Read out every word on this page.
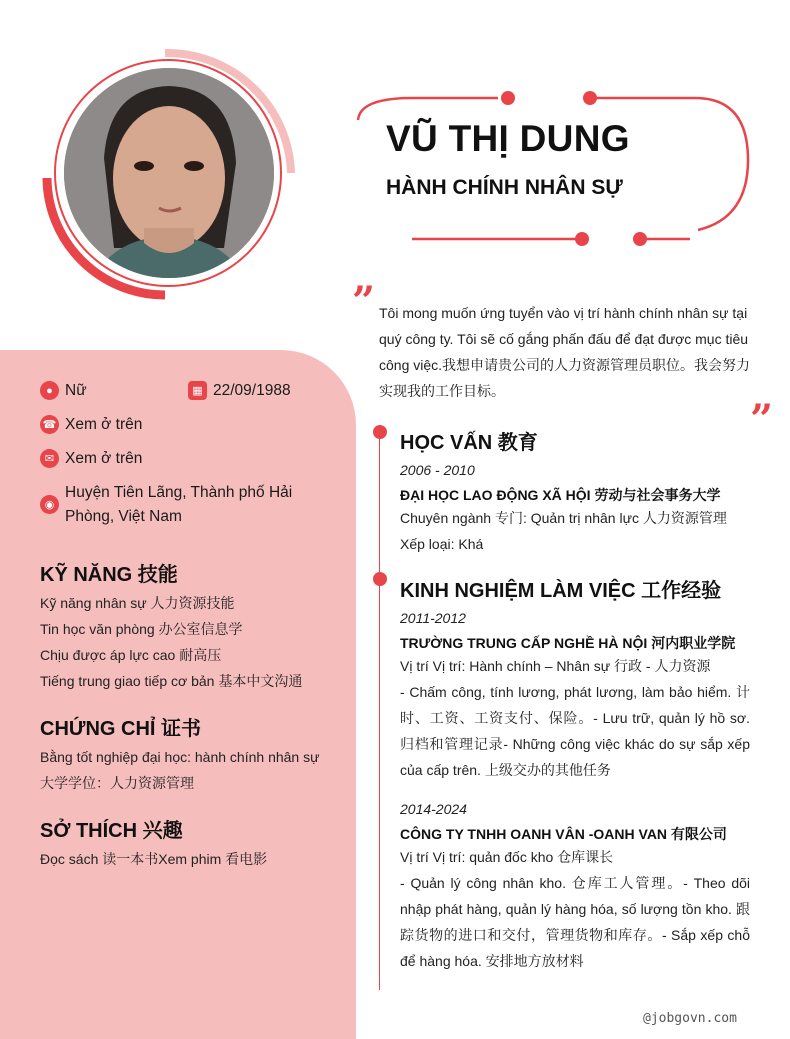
VŨ THỊ DUNG
HÀNH CHÍNH NHÂN SỰ
” Tôi mong muốn ứng tuyển vào vị trí hành chính nhân sự tại quý công ty. Tôi sẽ cố gắng phấn đấu để đạt được mục tiêu công việc.我想申请贵公司的人力资源管理员职位。我会努力实现我的工作目标。
”
● Nữ	▦ 22/09/1988
☎ Xem ở trên
✉ Xem ở trên
◉
Huyện Tiên Lãng, Thành phố Hải Phòng, Việt Nam
KỸ NĂNG 技能
Kỹ năng nhân sự 人力资源技能
Tin học văn phòng 办公室信息学
Chịu được áp lực cao 耐高压
Tiếng trung giao tiếp cơ bản 基本中文沟通
CHỨNG CHỈ 证书
Bằng tốt nghiệp đại học: hành chính nhân sự 大学学位：人力资源管理
SỞ THÍCH 兴趣
Đọc sách 读一本书Xem phim 看电影
HỌC VẤN 教育
2006 - 2010
ĐẠI HỌC LAO ĐỘNG XÃ HỘI 劳动与社会事务大学
Chuyên ngành 专门: Quản trị nhân lực 人力资源管理
Xếp loại: Khá
KINH NGHIỆM LÀM VIỆC 工作经验
2011-2012
TRƯỜNG TRUNG CẤP NGHỀ HÀ NỘI 河内职业学院
Vị trí Vị trí: Hành chính – Nhân sự 行政 - 人力资源
- Chấm công, tính lương, phát lương, làm bảo hiểm. 计时、工资、工资支付、保险。- Lưu trữ, quản lý hồ sơ. 归档和管理记录- Những công việc khác do sự sắp xếp của cấp trên. 上级交办的其他任务
2014-2024
CÔNG TY TNHH OANH VÂN -OANH VAN 有限公司
Vị trí Vị trí: quản đốc kho 仓库课长
- Quản lý công nhân kho. 仓库工人管理。- Theo dõi nhập phát hàng, quản lý hàng hóa, số lượng tồn kho. 跟踪货物的进口和交付，管理货物和库存。- Sắp xếp chỗ để hàng hóa. 安排地方放材料
@jobgovn.com
